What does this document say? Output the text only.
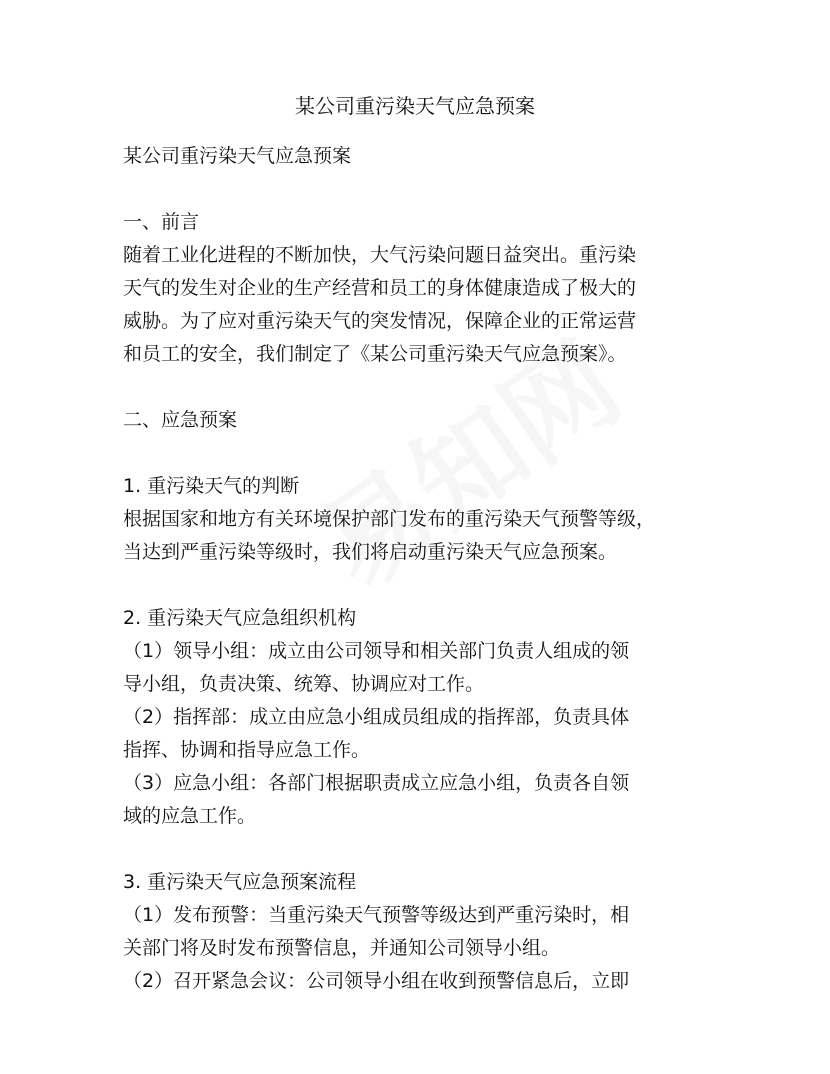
某公司重污染天气应急预案
某公司重污染天气应急预案
一、前言
随着工业化进程的不断加快，大气污染问题日益突出。重污染
天气的发生对企业的生产经营和员工的身体健康造成了极大的
威胁。为了应对重污染天气的突发情况，保障企业的正常运营
和员工的安全，我们制定了《某公司重污染天气应急预案》。
二、应急预案
1. 重污染天气的判断
根据国家和地方有关环境保护部门发布的重污染天气预警等级，
当达到严重污染等级时，我们将启动重污染天气应急预案。
2. 重污染天气应急组织机构
（1）领导小组：成立由公司领导和相关部门负责人组成的领
导小组，负责决策、统筹、协调应对工作。
（2）指挥部：成立由应急小组成员组成的指挥部，负责具体
指挥、协调和指导应急工作。
（3）应急小组：各部门根据职责成立应急小组，负责各自领
域的应急工作。
3. 重污染天气应急预案流程
（1）发布预警：当重污染天气预警等级达到严重污染时，相
关部门将及时发布预警信息，并通知公司领导小组。
（2）召开紧急会议：公司领导小组在收到预警信息后，立即
